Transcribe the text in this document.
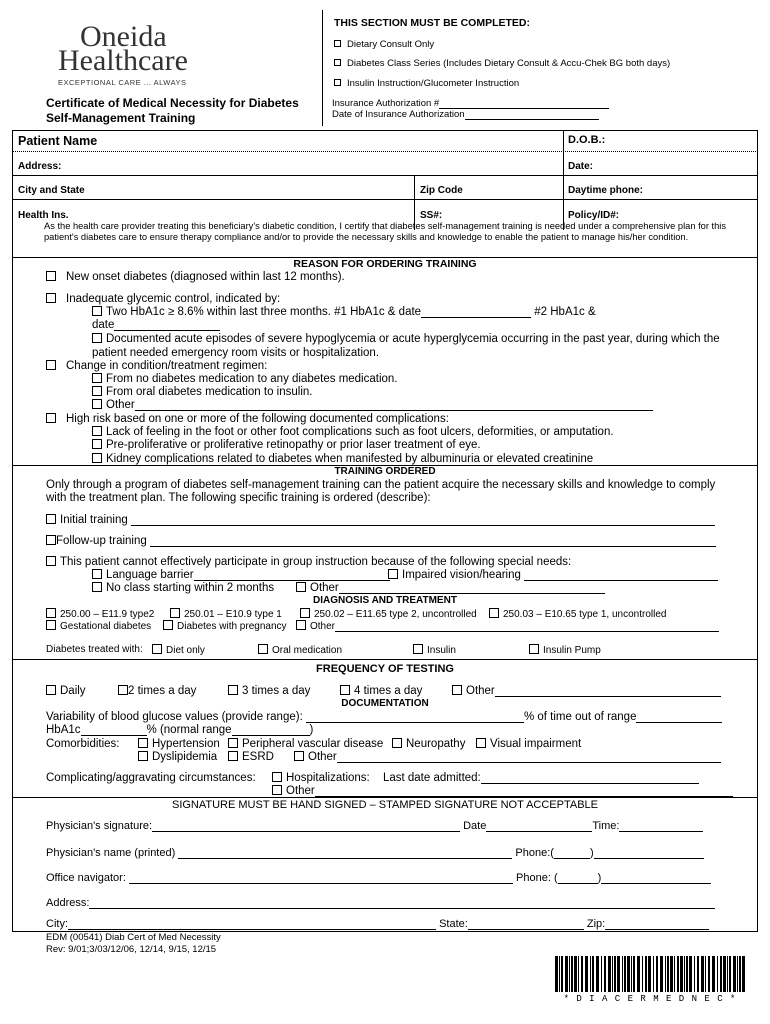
Oneida
Healthcare
EXCEPTIONAL CARE ... ALWAYS
Certificate of Medical Necessity for Diabetes
Self-Management Training
THIS SECTION MUST BE COMPLETED:
Dietary Consult Only
Diabetes Class Series (Includes Dietary Consult & Accu-Chek BG both days)
Insulin Instruction/Glucometer Instruction
Insurance Authorization #
Date of Insurance Authorization
Patient Name	D.O.B.:
Address:	Date:
City and State	Zip Code	Daytime phone:
Health Ins.	SS#:	Policy/ID#:
As the health care provider treating this beneficiary's diabetic condition, I certify that diabetes self-management training is needed under a comprehensive plan for this patient's diabetes care to ensure therapy compliance and/or to provide the necessary skills and knowledge to enable the patient to manage his/her condition.
REASON FOR ORDERING TRAINING
New onset diabetes (diagnosed within last 12 months).
Inadequate glycemic control, indicated by:
Two HbA1c ≥ 8.6% within last three months. #1 HbA1c & date	#2 HbA1c &
date
Documented acute episodes of severe hypoglycemia or acute hyperglycemia occurring in the past year, during which the
patient needed emergency room visits or hospitalization.
Change in condition/treatment regimen:
From no diabetes medication to any diabetes medication.
From oral diabetes medication to insulin.
Other
High risk based on one or more of the following documented complications:
Lack of feeling in the foot or other foot complications such as foot ulcers, deformities, or amputation.
Pre-proliferative or proliferative retinopathy or prior laser treatment of eye.
Kidney complications related to diabetes when manifested by albuminuria or elevated creatinine
TRAINING ORDERED
Only through a program of diabetes self-management training can the patient acquire the necessary skills and knowledge to comply
with the treatment plan. The following specific training is ordered (describe):
Initial training
Follow-up training
This patient cannot effectively participate in group instruction because of the following special needs:
Language barrier	Impaired vision/hearing
No class starting within 2 months	Other
DIAGNOSIS AND TREATMENT
250.00 – E11.9 type2	250.01 – E10.9 type 1	250.02 – E11.65 type 2, uncontrolled	250.03 – E10.65 type 1, uncontrolled
Gestational diabetes	Diabetes with pregnancy	Other
Diabetes treated with:	Diet only	Oral medication	Insulin	Insulin Pump
FREQUENCY OF TESTING
Daily	2 times a day	3 times a day	4 times a day	Other
DOCUMENTATION
Variability of blood glucose values (provide range):	% of time out of range
HbA1c	% (normal range	)
Comorbidities:	Hypertension	Peripheral vascular disease	Neuropathy	Visual impairment
Dyslipidemia	ESRD	Other
Complicating/aggravating circumstances:	Hospitalizations: Last date admitted:
Other
SIGNATURE MUST BE HAND SIGNED – STAMPED SIGNATURE NOT ACCEPTABLE
Physician's signature:	Date	Time:
Physician's name (printed)	Phone:(	)
Office navigator:	Phone: (	)
Address:
City:	State:	Zip:
EDM (00541) Diab Cert of Med Necessity
Rev: 9/01;3/03/12/06, 12/14, 9/15, 12/15
* D I A C E R M E D N E C *
